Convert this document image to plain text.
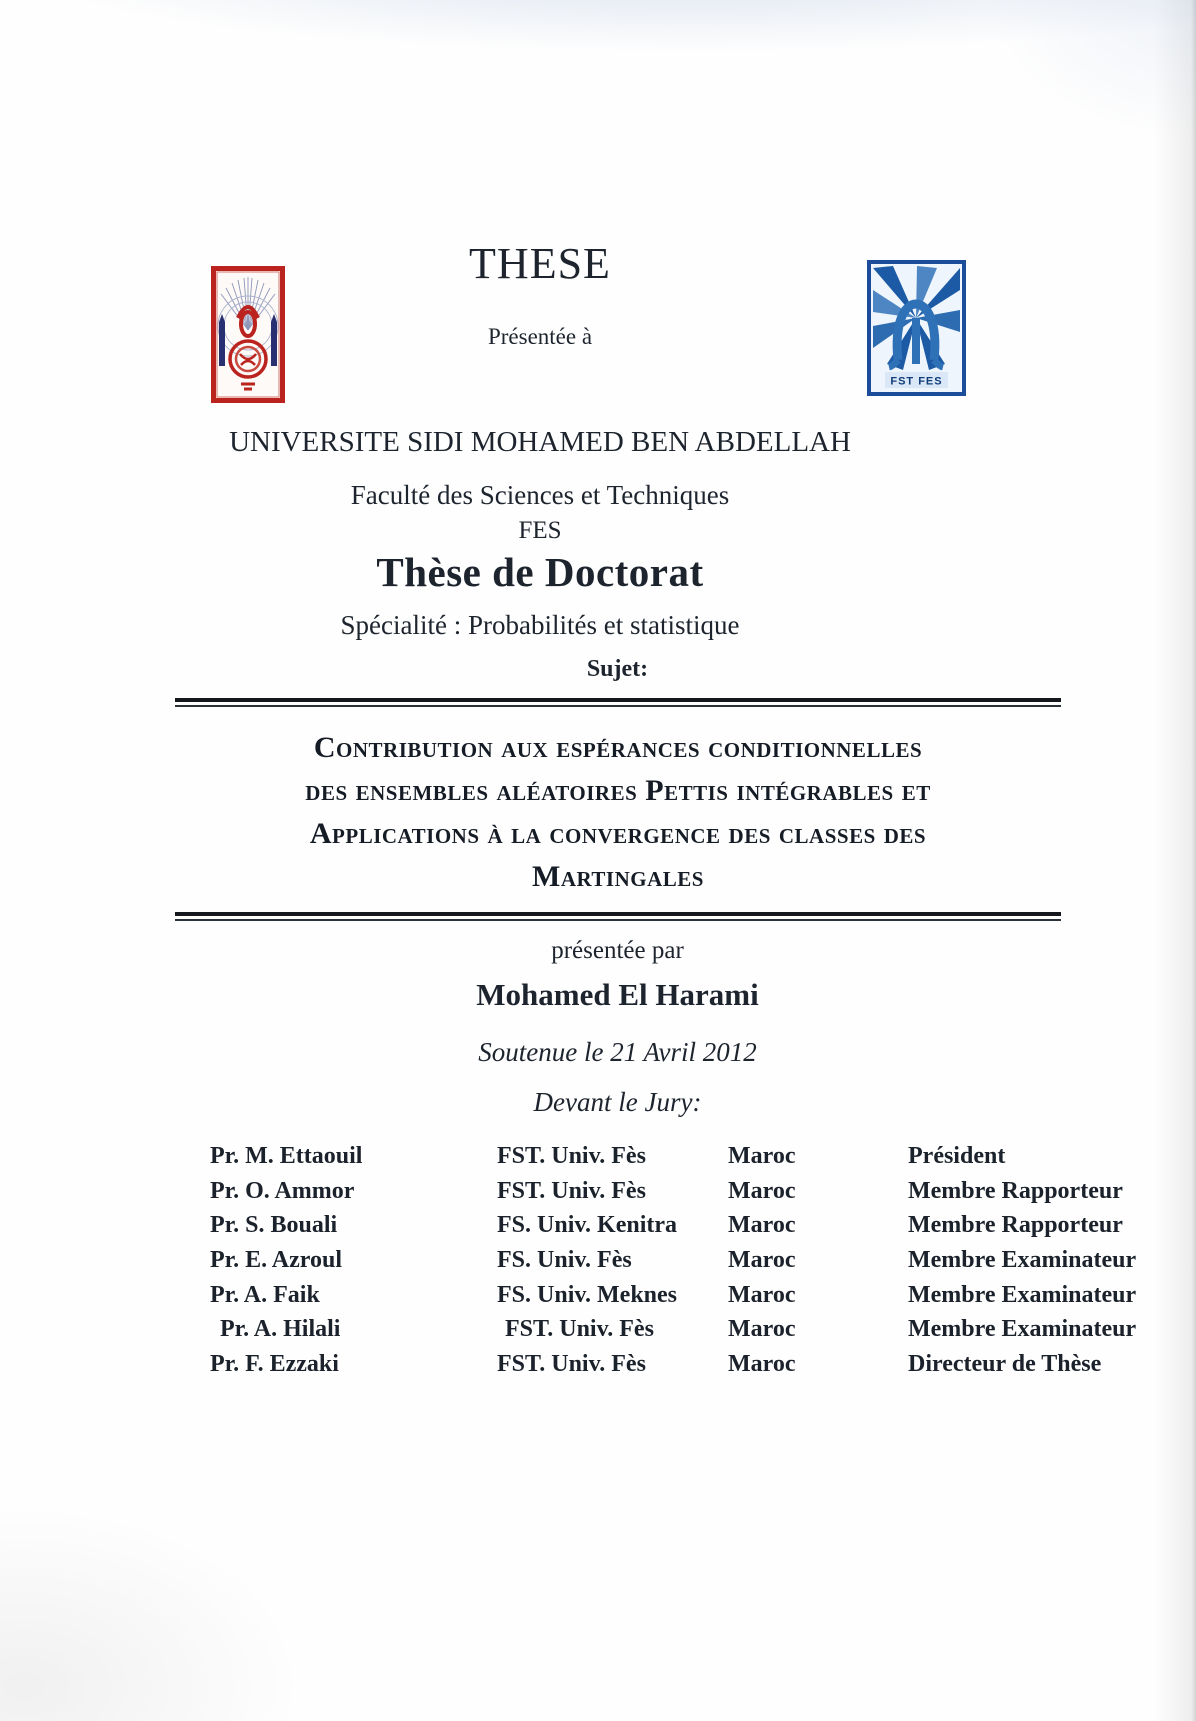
FST FES
THESE
Présentée à
UNIVERSITE SIDI MOHAMED BEN ABDELLAH
Faculté des Sciences et Techniques
FES
Thèse de Doctorat
Spécialité : Probabilités et statistique
Sujet:
Contribution aux espérances conditionnelles
des ensembles aléatoires Pettis intégrables et
Applications à la convergence des classes des
Martingales
présentée par
Mohamed El Harami
Soutenue le 21 Avril 2012
Devant le Jury:
Pr. M. Ettaouil	FST. Univ. Fès	Maroc	Président
Pr. O. Ammor	FST. Univ. Fès	Maroc	Membre Rapporteur
Pr. S. Bouali	FS. Univ. Kenitra	Maroc	Membre Rapporteur
Pr. E. Azroul	FS. Univ. Fès	Maroc	Membre Examinateur
Pr. A. Faik	FS. Univ. Meknes	Maroc	Membre Examinateur
Pr. A. Hilali	FST. Univ. Fès	Maroc	Membre Examinateur
Pr. F. Ezzaki	FST. Univ. Fès	Maroc	Directeur de Thèse
